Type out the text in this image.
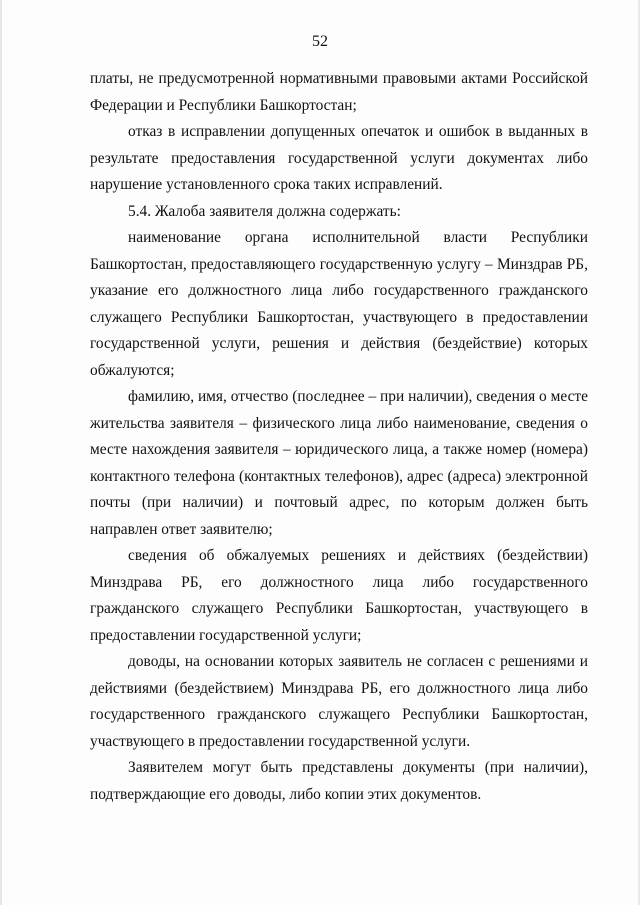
52

платы, не предусмотренной нормативными правовыми актами Российской Федерации и Республики Башкортостан;

отказ в исправлении допущенных опечаток и ошибок в выданных в результате предоставления государственной услуги документах либо нарушение установленного срока таких исправлений.

5.4. Жалоба заявителя должна содержать:

наименование органа исполнительной власти Республики Башкортостан, предоставляющего государственную услугу – Минздрав РБ, указание его должностного лица либо государственного гражданского служащего Республики Башкортостан, участвующего в предоставлении государственной услуги, решения и действия (бездействие) которых обжалуются;

фамилию, имя, отчество (последнее – при наличии), сведения о месте жительства заявителя – физического лица либо наименование, сведения о месте нахождения заявителя – юридического лица, а также номер (номера) контактного телефона (контактных телефонов), адрес (адреса) электронной почты (при наличии) и почтовый адрес, по которым должен быть направлен ответ заявителю;

сведения об обжалуемых решениях и действиях (бездействии) Минздрава РБ, его должностного лица либо государственного гражданского служащего Республики Башкортостан, участвующего в предоставлении государственной услуги;

доводы, на основании которых заявитель не согласен с решениями и действиями (бездействием) Минздрава РБ, его должностного лица либо государственного гражданского служащего Республики Башкортостан, участвующего в предоставлении государственной услуги.

Заявителем могут быть представлены документы (при наличии), подтверждающие его доводы, либо копии этих документов.
